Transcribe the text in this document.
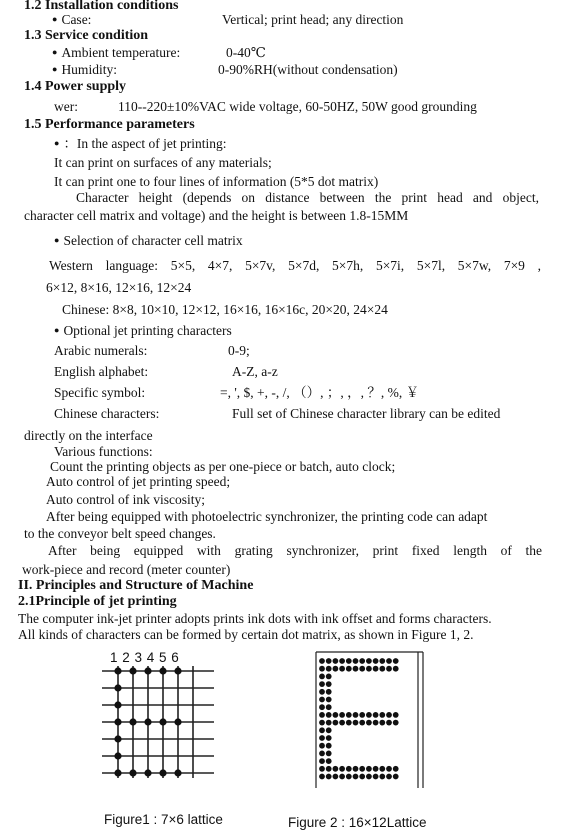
1.2 Installation conditions
● Case:	Vertical; print head; any direction
1.3 Service condition
● Ambient temperature:	0-40℃
● Humidity:	0-90%RH(without condensation)
1.4 Power supply
wer:	110--220±10%VAC wide voltage, 60-50HZ, 50W good grounding
1.5 Performance parameters
● ：In the aspect of jet printing:
It can print on surfaces of any materials;
It can print one to four lines of information (5*5 dot matrix)
Character height (depends on distance between the print head and object,
character cell matrix and voltage) and the height is between 1.8-15MM
● Selection of character cell matrix
Western language: 5×5, 4×7, 5×7v, 5×7d, 5×7h, 5×7i, 5×7l, 5×7w, 7×9 ,
6×12, 8×16, 12×16, 12×24
Chinese: 8×8, 10×10, 12×12, 16×16, 16×16c, 20×20, 24×24
● Optional jet printing characters
Arabic numerals:	0-9;
English alphabet:	A-Z, a-z
Specific symbol:	=, ', $, +, -, /, （）, ；, ，, ？, %, ￥
Chinese characters:	Full set of Chinese character library can be edited
directly on the interface
Various functions:
Count the printing objects as per one-piece or batch, auto clock;
Auto control of jet printing speed;
Auto control of ink viscosity;
After being equipped with photoelectric synchronizer, the printing code can adapt
to the conveyor belt speed changes.
After being equipped with grating synchronizer, print fixed length of the
work-piece and record (meter counter)
II. Principles and Structure of Machine
2.1Principle of jet printing
The computer ink-jet printer adopts prints ink dots with ink offset and forms characters.
All kinds of characters can be formed by certain dot matrix, as shown in Figure 1, 2.
1 2 3 4 5 6
Figure1 : 7×6 lattice	Figure 2 : 16×12Lattice
